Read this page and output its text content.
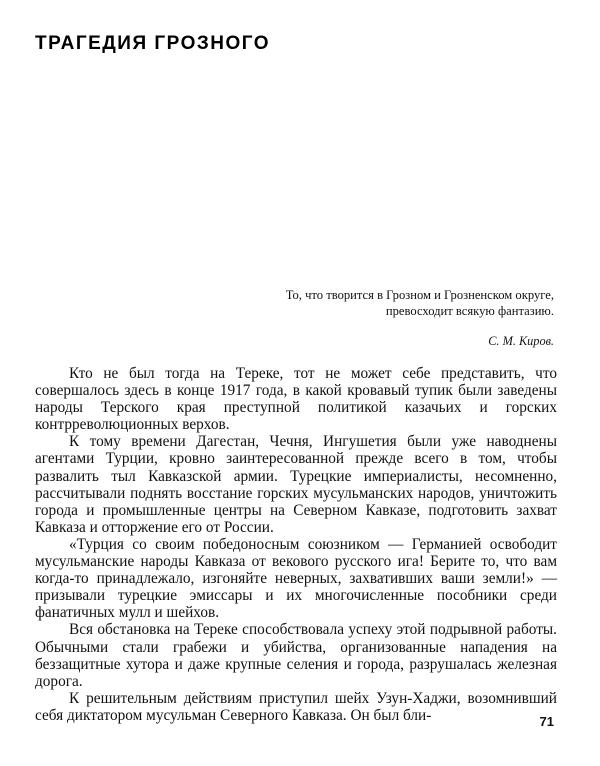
ТРАГЕДИЯ ГРОЗНОГО
То, что творится в Грозном и Грозненском округе, превосходит всякую фантазию.
С. М. Киров.

Кто не был тогда на Тереке, тот не может себе представить, что совершалось здесь в конце 1917 года, в какой кровавый тупик были заведены народы Терского края преступной политикой казачьих и горских контрреволюционных верхов.

К тому времени Дагестан, Чечня, Ингушетия были уже наводнены агентами Турции, кровно заинтересованной прежде всего в том, чтобы развалить тыл Кавказской армии. Турецкие империалисты, несомненно, рассчитывали поднять восстание горских мусульманских народов, уничтожить города и промышленные центры на Северном Кавказе, подготовить захват Кавказа и отторжение его от России.

«Турция со своим победоносным союзником — Германией освободит мусульманские народы Кавказа от векового русского ига! Берите то, что вам когда-то принадлежало, изгоняйте неверных, захвативших ваши земли!» — призывали турецкие эмиссары и их многочисленные пособники среди фанатичных мулл и шейхов.

Вся обстановка на Тереке способствовала успеху этой подрывной работы. Обычными стали грабежи и убийства, организованные нападения на беззащитные хутора и даже крупные селения и города, разрушалась железная дорога.

К решительным действиям приступил шейх Узун-Хаджи, возомнивший себя диктатором мусульман Северного Кавказа. Он был бли-	71
